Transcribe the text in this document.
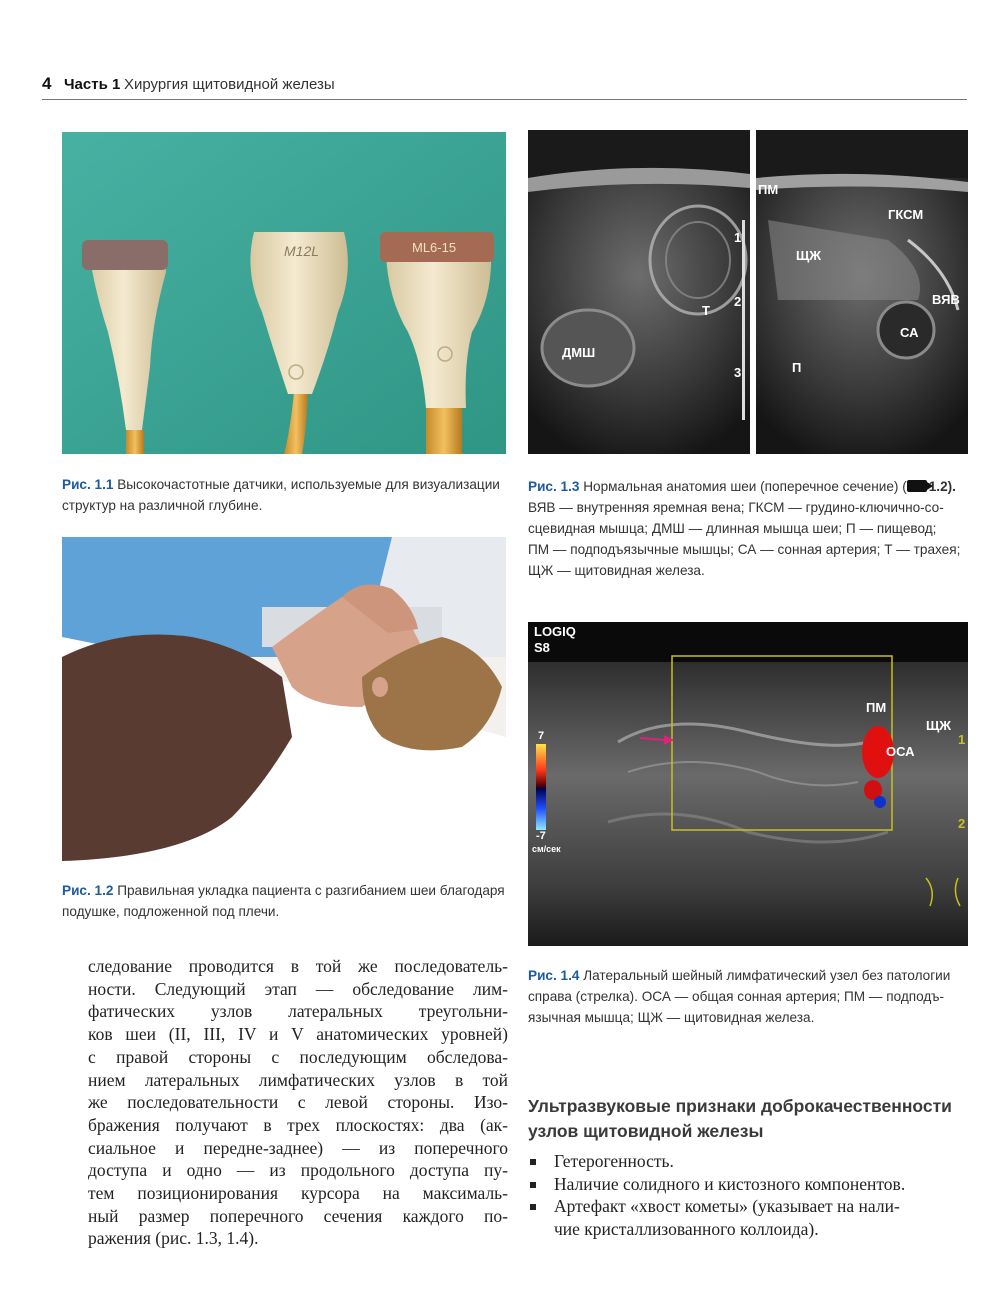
4 Часть 1 Хирургия щитовидной железы
M12L	ML6-15
Рис. 1.1 Высокочастотные датчики, используемые для визуализации
структур на различной глубине.
Рис. 1.2 Правильная укладка пациента с разгибанием шеи благодаря
подушке, подложенной под плечи.
ПМ
ГКСМ
ЩЖ
Т
ВЯВ
СА
ДМШ
П
1
2
3
Рис. 1.3 Нормальная анатомия шеи (поперечное сечение) ( 1.2).
ВЯВ — внутренняя яремная вена; ГКСМ — грудино-ключично-со-
сцевидная мышца; ДМШ — длинная мышца шеи; П — пищевод;
ПМ — подподъязычные мышцы; СА — сонная артерия; Т — трахея;
ЩЖ — щитовидная железа.
LOGIQ
S8
7
-7
см/сек
ПМ
ЩЖ
ОСА
1
2
Рис. 1.4 Латеральный шейный лимфатический узел без патологии
справа (стрелка). ОСА — общая сонная артерия; ПМ — подподъ-
язычная мышца; ЩЖ — щитовидная железа.
следование проводится в той же последователь-
ности. Следующий этап — обследование лим-
фатических узлов латеральных треугольни-
ков шеи (II, III, IV и V анатомических уровней)
с правой стороны с последующим обследова-
нием латеральных лимфатических узлов в той
же последовательности с левой стороны. Изо-
бражения получают в трех плоскостях: два (ак-
сиальное и передне-заднее) — из поперечного
доступа и одно — из продольного доступа пу-
тем позиционирования курсора на максималь-
ный размер поперечного сечения каждого по-
ражения (рис. 1.3, 1.4).
Ультразвуковые признаки доброкачественности
узлов щитовидной железы
Гетерогенность.
Наличие солидного и кистозного компонентов.
Артефакт «хвост кометы» (указывает на нали-
чие кристаллизованного коллоида).
